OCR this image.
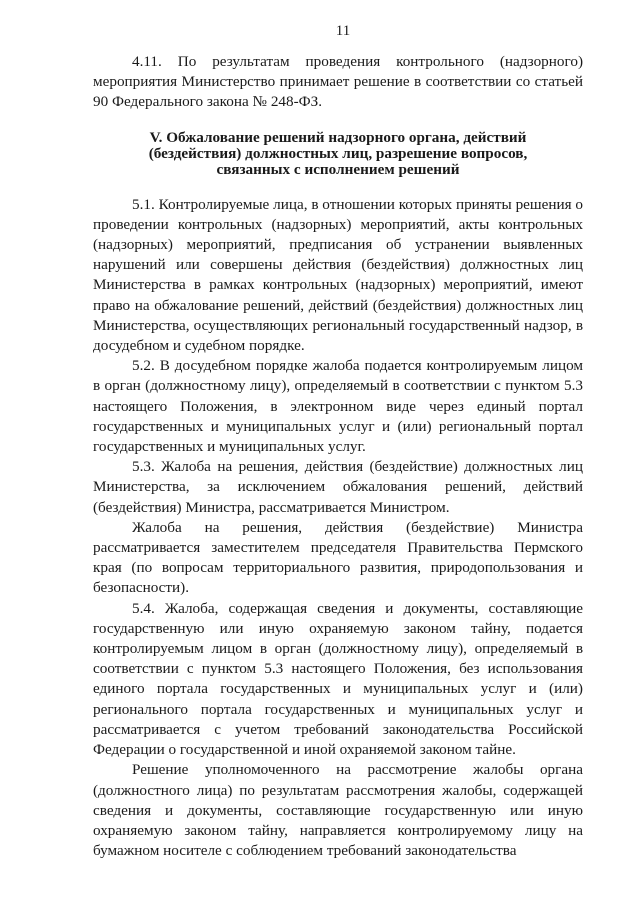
11

4.11. По результатам проведения контрольного (надзорного) мероприятия Министерство принимает решение в соответствии со статьей 90 Федерального закона № 248-ФЗ.

V. Обжалование решений надзорного органа, действий
(бездействия) должностных лиц, разрешение вопросов,
связанных с исполнением решений

5.1. Контролируемые лица, в отношении которых приняты решения о проведении контрольных (надзорных) мероприятий, акты контрольных (надзорных) мероприятий, предписания об устранении выявленных нарушений или совершены действия (бездействия) должностных лиц Министерства в рамках контрольных (надзорных) мероприятий, имеют право на обжалование решений, действий (бездействия) должностных лиц Министерства, осуществляющих региональный государственный надзор, в досудебном и судебном порядке.

5.2. В досудебном порядке жалоба подается контролируемым лицом в орган (должностному лицу), определяемый в соответствии с пунктом 5.3 настоящего Положения, в электронном виде через единый портал государственных и муниципальных услуг и (или) региональный портал государственных и муниципальных услуг.

5.3. Жалоба на решения, действия (бездействие) должностных лиц Министерства, за исключением обжалования решений, действий (бездействия) Министра, рассматривается Министром.

Жалоба на решения, действия (бездействие) Министра рассматривается заместителем председателя Правительства Пермского края (по вопросам территориального развития, природопользования и безопасности).

5.4. Жалоба, содержащая сведения и документы, составляющие государственную или иную охраняемую законом тайну, подается контролируемым лицом в орган (должностному лицу), определяемый в соответствии с пунктом 5.3 настоящего Положения, без использования единого портала государственных и муниципальных услуг и (или) регионального портала государственных и муниципальных услуг и рассматривается с учетом требований законодательства Российской Федерации о государственной и иной охраняемой законом тайне.

Решение уполномоченного на рассмотрение жалобы органа (должностного лица) по результатам рассмотрения жалобы, содержащей сведения и документы, составляющие государственную или иную охраняемую законом тайну, направляется контролируемому лицу на бумажном носителе с соблюдением требований законодательства
